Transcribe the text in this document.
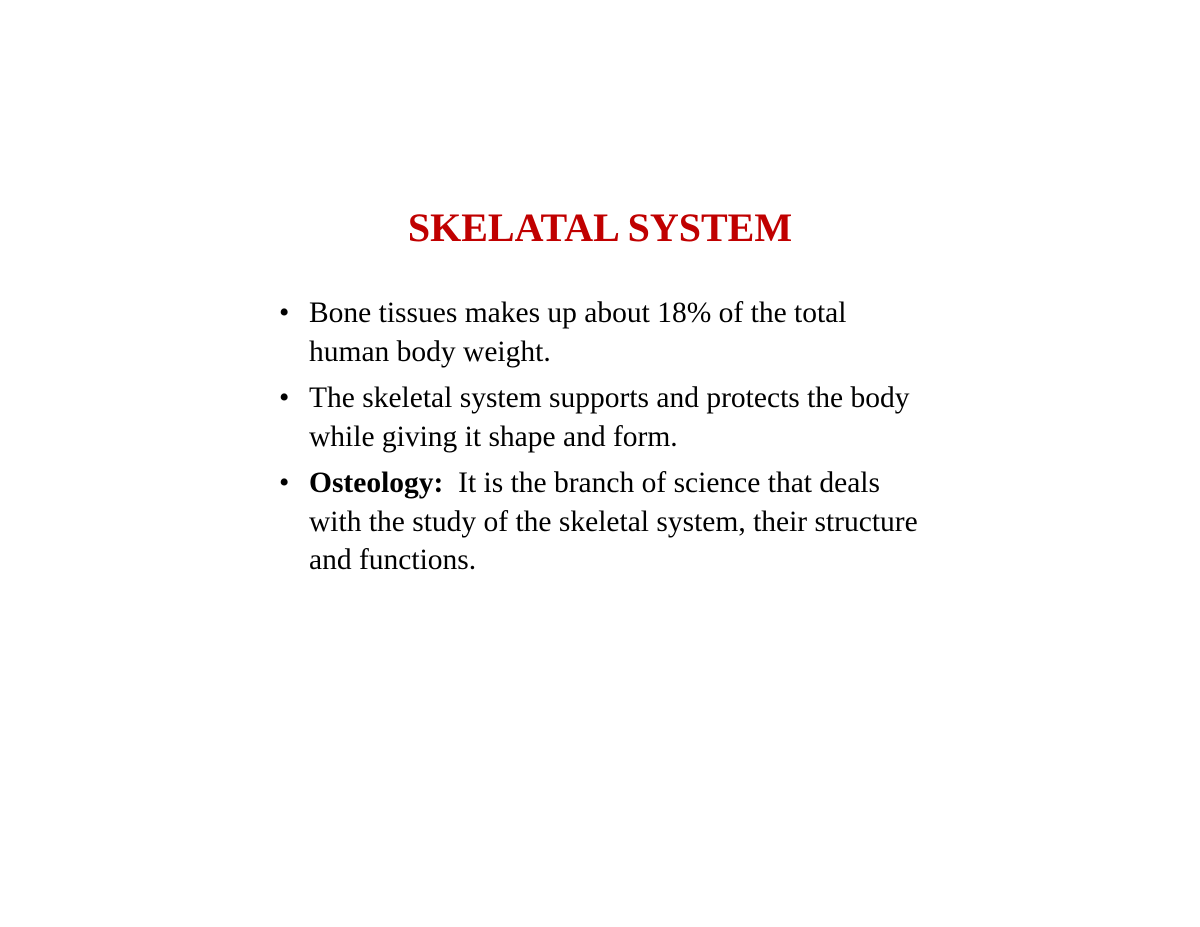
SKELATAL SYSTEM
• Bone tissues makes up about 18% of the total human body weight.
• The skeletal system supports and protects the body while giving it shape and form.
• Osteology: It is the branch of science that deals with the study of the skeletal system, their structure and functions.
